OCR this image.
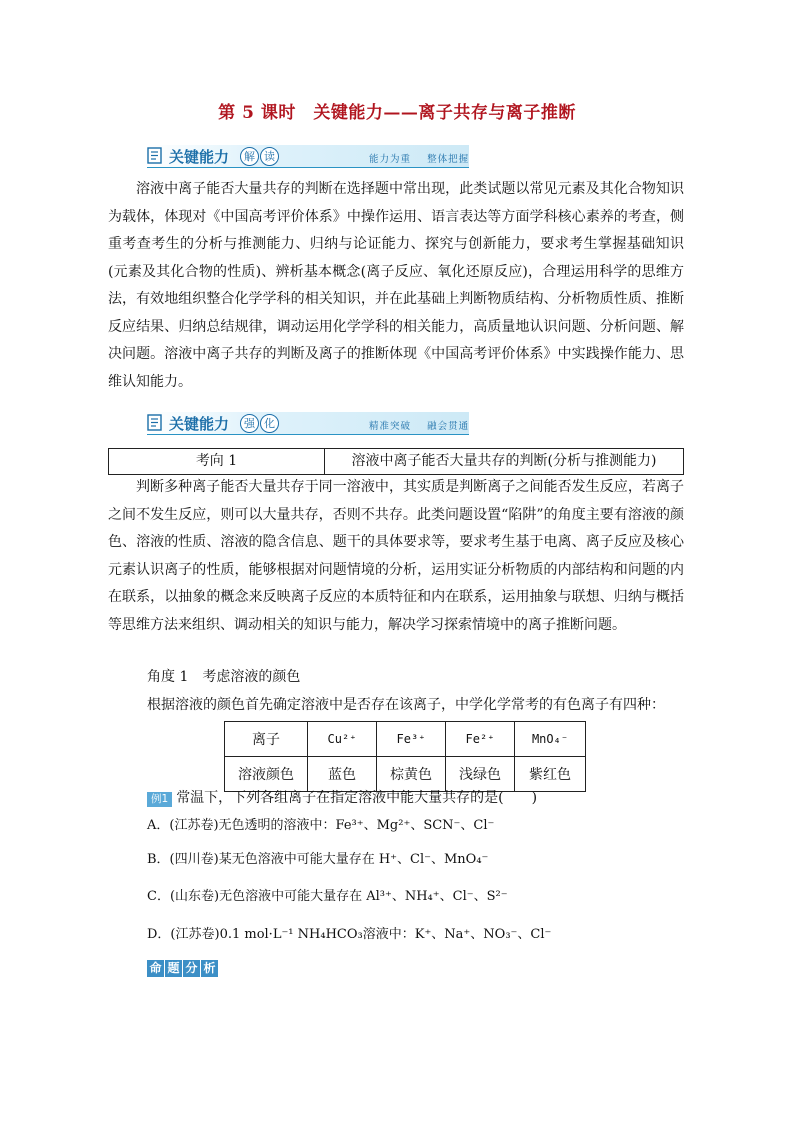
第 5 课时　关键能力——离子共存与离子推断
关键能力	解 读	能力为重    整体把握
溶液中离子能否大量共存的判断在选择题中常出现，此类试题以常见元素及其化合物知识为载体，体现对《中国高考评价体系》中操作运用、语言表达等方面学科核心素养的考查，侧重考查考生的分析与推测能力、归纳与论证能力、探究与创新能力，要求考生掌握基础知识(元素及其化合物的性质)、辨析基本概念(离子反应、氧化还原反应)，合理运用科学的思维方法，有效地组织整合化学学科的相关知识，并在此基础上判断物质结构、分析物质性质、推断反应结果、归纳总结规律，调动运用化学学科的相关能力，高质量地认识问题、分析问题、解决问题。溶液中离子共存的判断及离子的推断体现《中国高考评价体系》中实践操作能力、思维认知能力。
关键能力	强 化	精准突破    融会贯通
考向 1	溶液中离子能否大量共存的判断(分析与推测能力)
判断多种离子能否大量共存于同一溶液中，其实质是判断离子之间能否发生反应，若离子之间不发生反应，则可以大量共存，否则不共存。此类问题设置“陷阱”的角度主要有溶液的颜色、溶液的性质、溶液的隐含信息、题干的具体要求等，要求考生基于电离、离子反应及核心元素认识离子的性质，能够根据对问题情境的分析，运用实证分析物质的内部结构和问题的内在联系，以抽象的概念来反映离子反应的本质特征和内在联系，运用抽象与联想、归纳与概括等思维方法来组织、调动相关的知识与能力，解决学习探索情境中的离子推断问题。
角度 1　考虑溶液的颜色
根据溶液的颜色首先确定溶液中是否存在该离子，中学化学常考的有色离子有四种：
离子	Cu²⁺	Fe³⁺	Fe²⁺	MnO₄⁻
溶液颜色	蓝色	棕黄色	浅绿色	紫红色
例1 常温下，下列各组离子在指定溶液中能大量共存的是(　　)
A．(江苏卷)无色透明的溶液中：Fe³⁺、Mg²⁺、SCN⁻、Cl⁻
B．(四川卷)某无色溶液中可能大量存在 H⁺、Cl⁻、MnO₄⁻
C．(山东卷)无色溶液中可能大量存在 Al³⁺、NH₄⁺、Cl⁻、S²⁻
D．(江苏卷)0.1 mol·L⁻¹ NH₄HCO₃溶液中：K⁺、Na⁺、NO₃⁻、Cl⁻
命 题 分 析
